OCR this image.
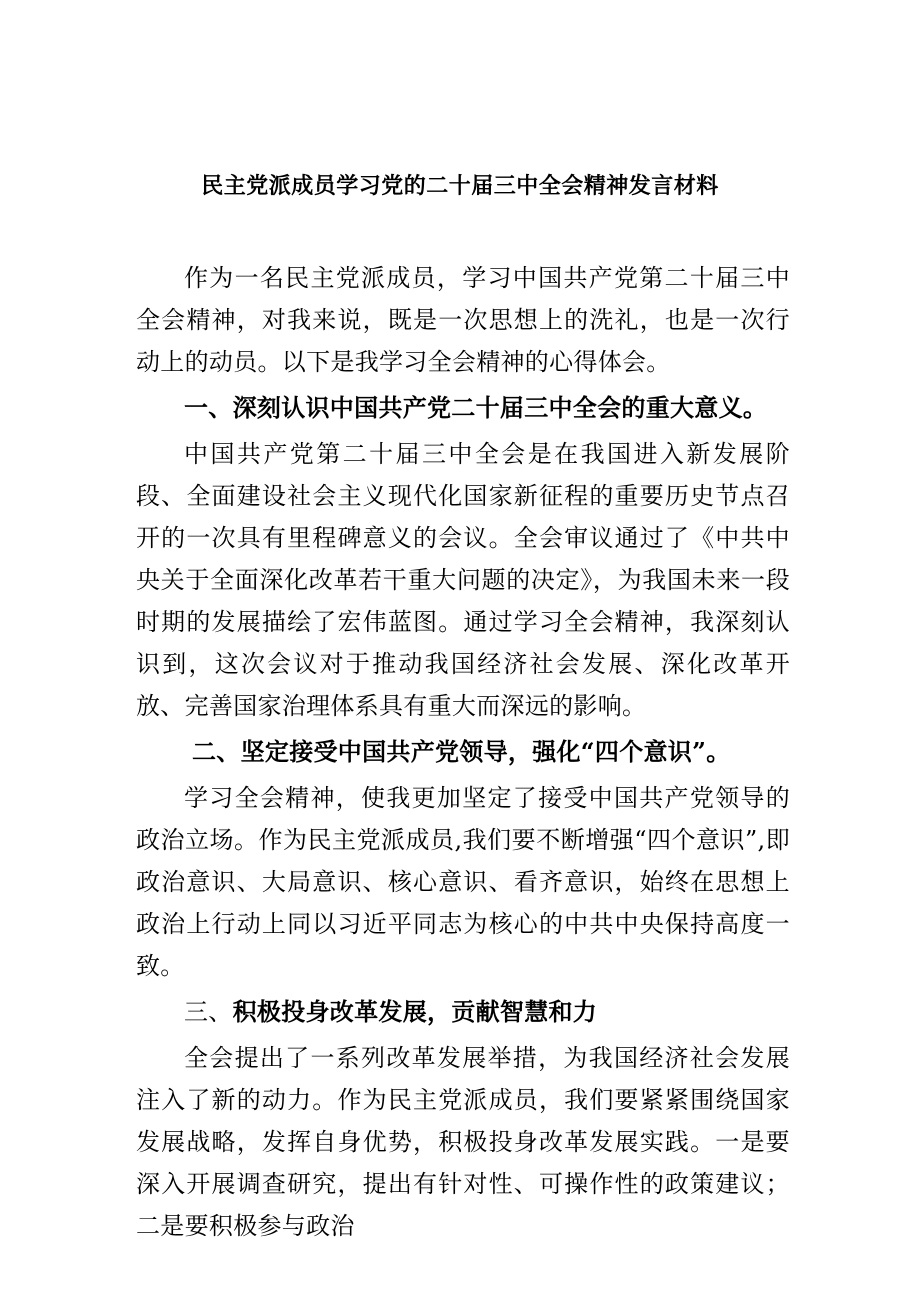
民主党派成员学习党的二十届三中全会精神发言材料

作为一名民主党派成员，学习中国共产党第二十届三中全会精神，对我来说，既是一次思想上的洗礼，也是一次行动上的动员。以下是我学习全会精神的心得体会。

一、深刻认识中国共产党二十届三中全会的重大意义。

中国共产党第二十届三中全会是在我国进入新发展阶段、全面建设社会主义现代化国家新征程的重要历史节点召开的一次具有里程碑意义的会议。全会审议通过了《中共中央关于全面深化改革若干重大问题的决定》，为我国未来一段时期的发展描绘了宏伟蓝图。通过学习全会精神，我深刻认识到，这次会议对于推动我国经济社会发展、深化改革开放、完善国家治理体系具有重大而深远的影响。

二、坚定接受中国共产党领导，强化“四个意识”。

学习全会精神，使我更加坚定了接受中国共产党领导的政治立场。作为民主党派成员,我们要不断增强“四个意识”,即政治意识、大局意识、核心意识、看齐意识，始终在思想上政治上行动上同以习近平同志为核心的中共中央保持高度一致。

三、积极投身改革发展，贡献智慧和力

全会提出了一系列改革发展举措，为我国经济社会发展注入了新的动力。作为民主党派成员，我们要紧紧围绕国家发展战略，发挥自身优势，积极投身改革发展实践。一是要深入开展调查研究，提出有针对性、可操作性的政策建议；二是要积极参与政治
